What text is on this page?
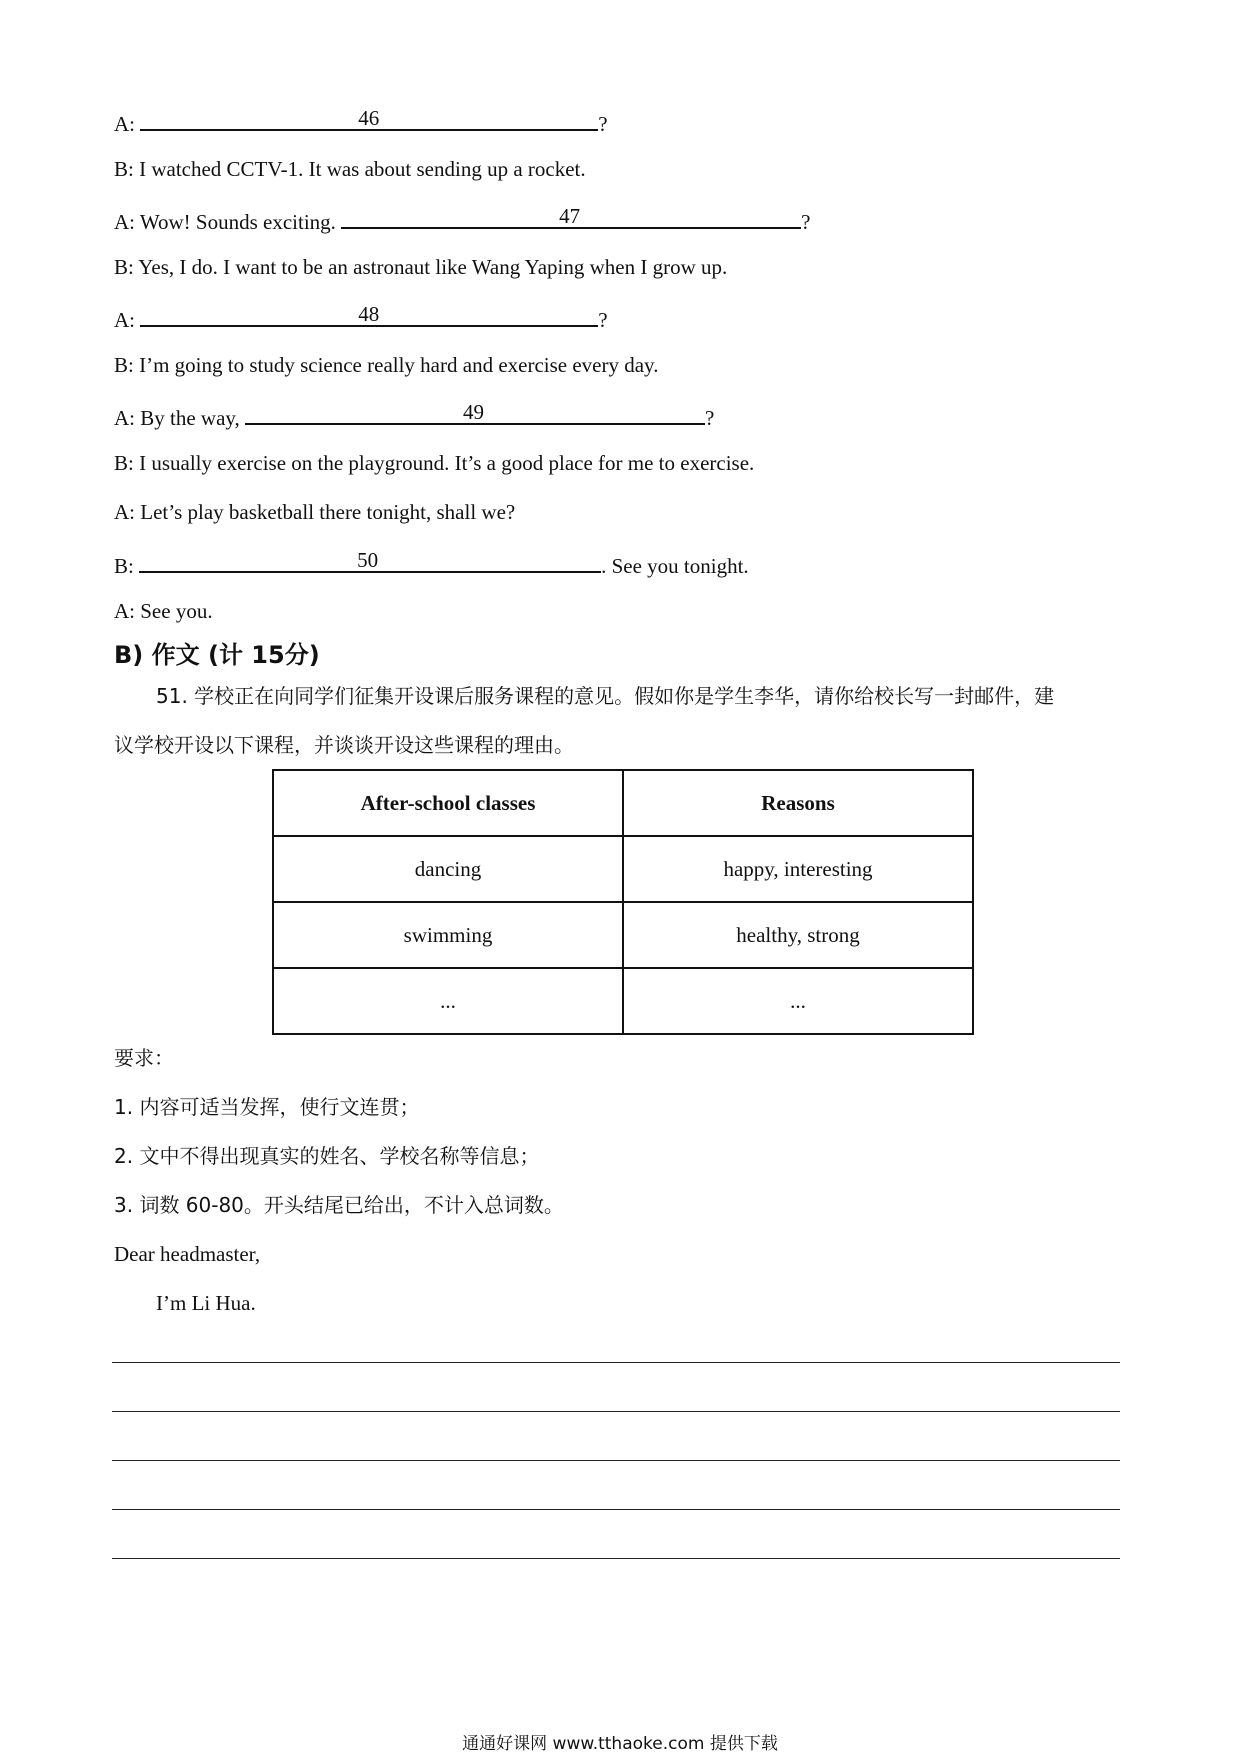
A:	46	?
B: I watched CCTV-1. It was about sending up a rocket.
A: Wow! Sounds exciting.	47	?
B: Yes, I do. I want to be an astronaut like Wang Yaping when I grow up.
A:	48	?
B: I’m going to study science really hard and exercise every day.
A: By the way,	49	?
B: I usually exercise on the playground. It’s a good place for me to exercise.
A: Let’s play basketball there tonight, shall we?
B:	50	. See you tonight.
A: See you.
B) 作文 (计 15分)
51. 学校正在向同学们征集开设课后服务课程的意见。假如你是学生李华，请你给校长写一封邮件，建
议学校开设以下课程，并谈谈开设这些课程的理由。
After-school classes	Reasons
dancing	happy, interesting
swimming	healthy, strong
...	...
要求：
1. 内容可适当发挥，使行文连贯；
2. 文中不得出现真实的姓名、学校名称等信息；
3. 词数 60-80。开头结尾已给出，不计入总词数。
Dear headmaster,
I’m Li Hua.
通通好课网 www.tthaoke.com 提供下载
